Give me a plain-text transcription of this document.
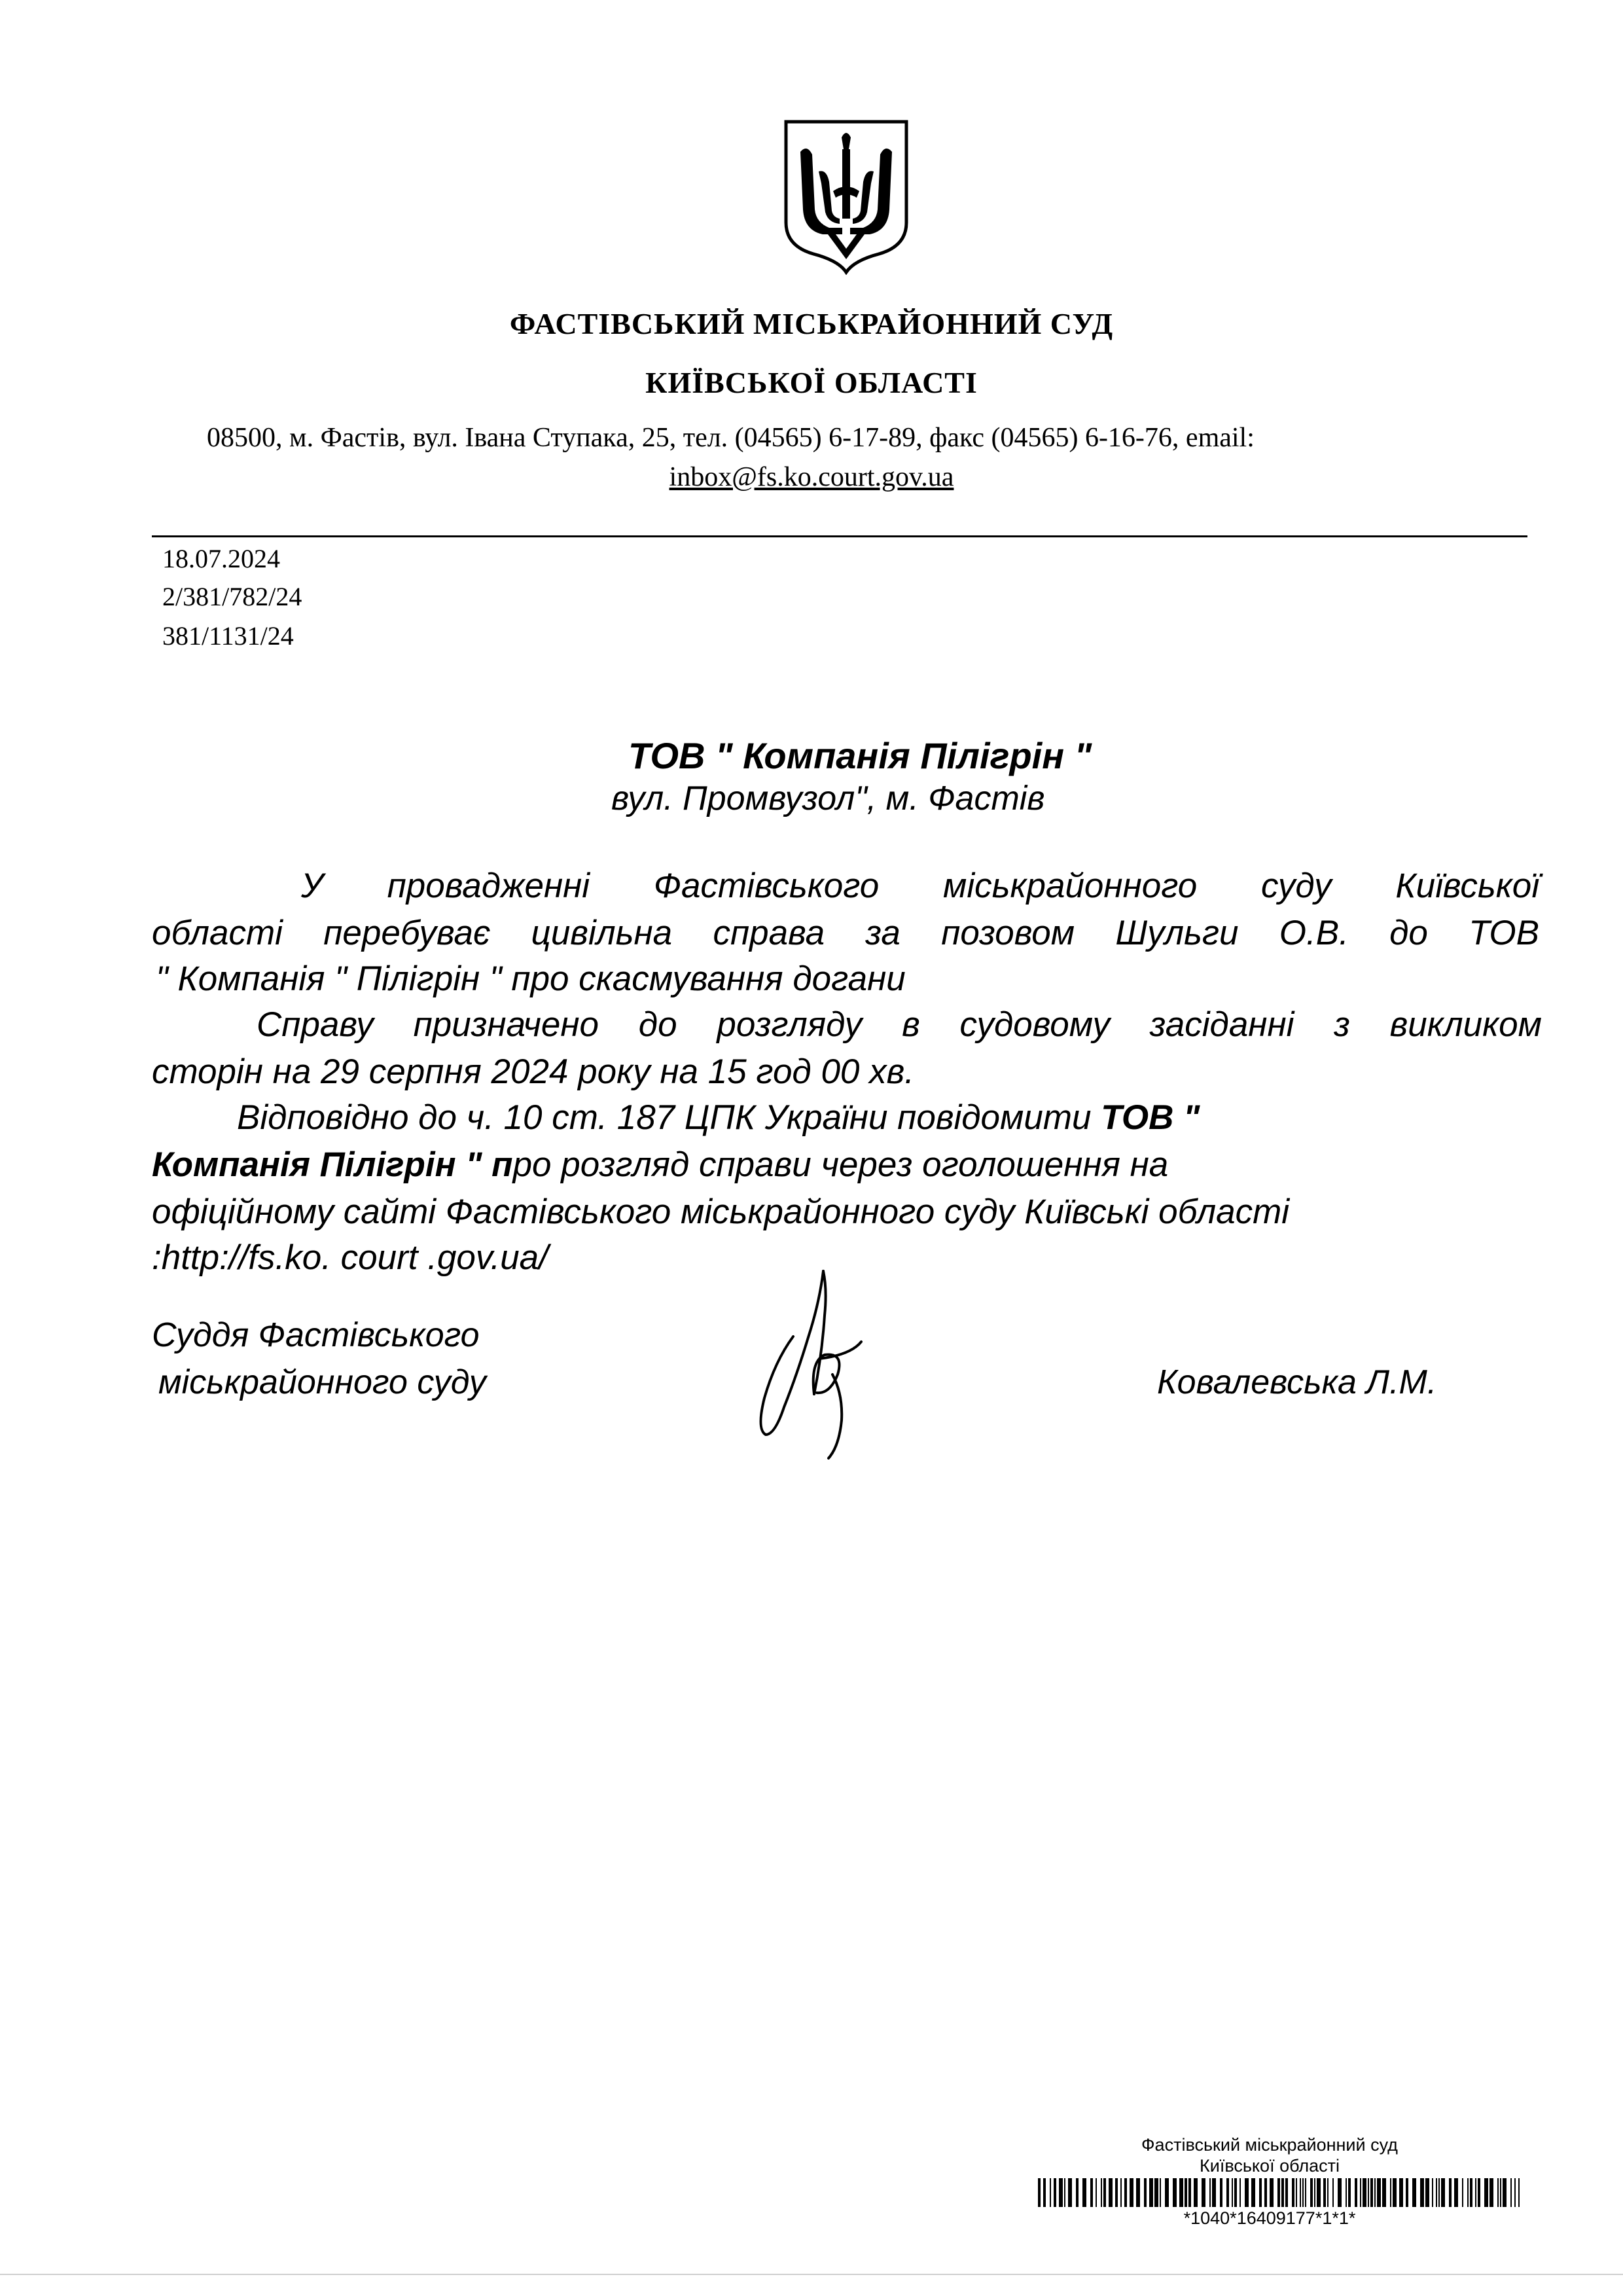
ФАСТІВСЬКИЙ МІСЬКРАЙОННИЙ СУД
КИЇВСЬКОЇ ОБЛАСТІ
08500, м. Фастів, вул. Івана Ступака, 25, тел. (04565) 6-17-89, факс (04565) 6-16-76, email:
inbox@fs.ko.court.gov.ua
18.07.2024
2/381/782/24
381/1131/24
ТОВ " Компанія Пілігрін "
вул. Промвузол", м. Фастів
У провадженні Фастівського міськрайонного суду Київської
області перебуває цивільна справа за позовом Шульги О.В. до ТОВ
" Компанія " Пілігрін " про скасмування догани
Справу призначено до розгляду в судовому засіданні з викликом
сторін на 29 серпня 2024 року на 15 год 00 хв.
Відповідно до ч. 10 ст. 187 ЦПК України повідомити ТОВ "
Компанія Пілігрін " про розгляд справи через оголошення на
офіційному сайті Фастівського міськрайонного суду Київські області
:http://fs.ko. court .gov.ua/
Суддя Фастівського
міськрайонного суду	Ковалевська Л.М.
Фастівський міськрайонний суд
Київської області
*1040*16409177*1*1*
